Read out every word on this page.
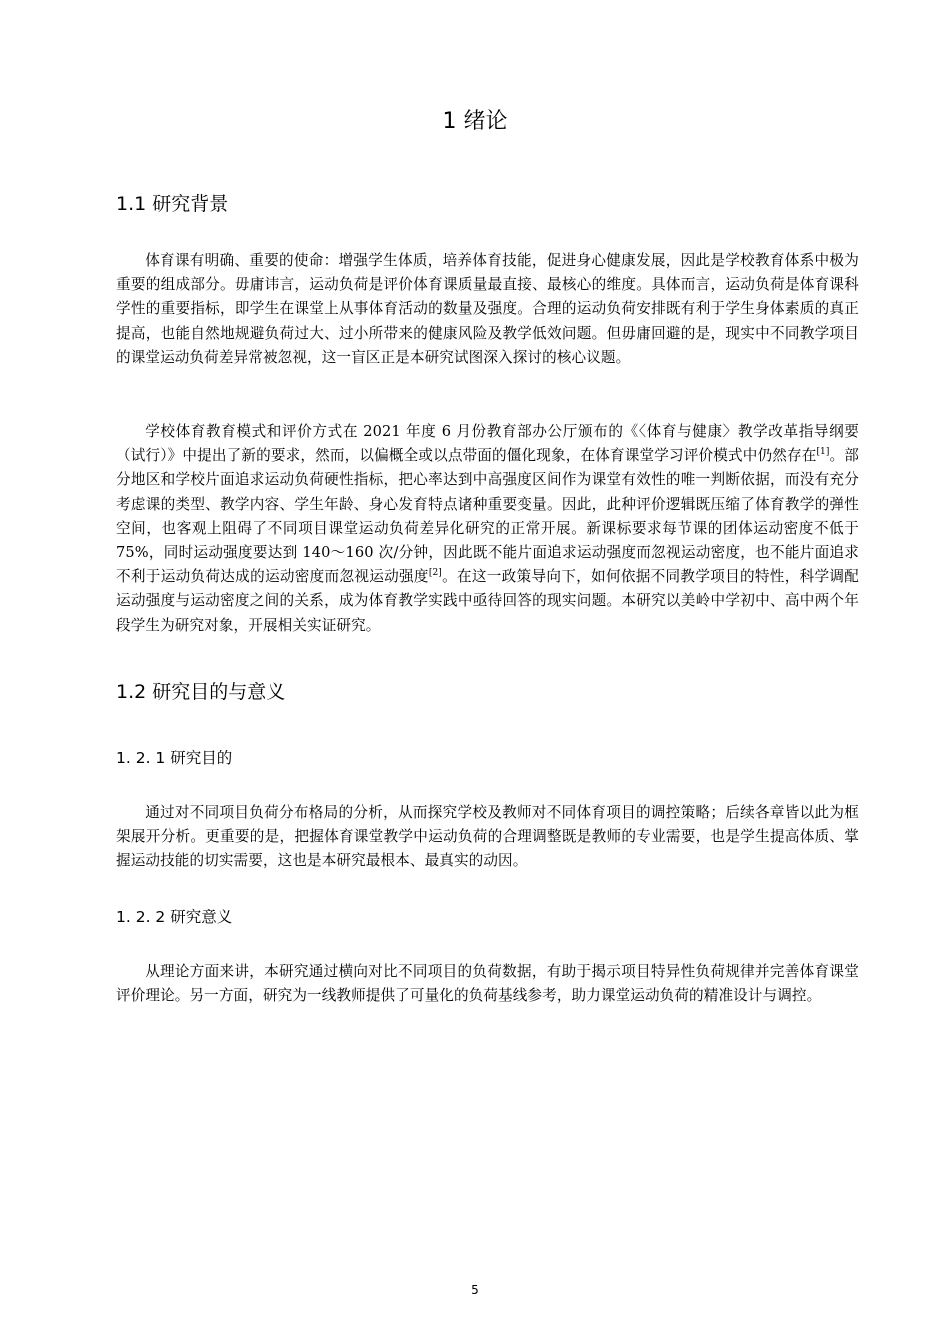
1 绪论
1.1 研究背景

体育课有明确、重要的使命：增强学生体质，培养体育技能，促进身心健康发展，因此是学校教育体系中极为重要的组成部分。毋庸讳言，运动负荷是评价体育课质量最直接、最核心的维度。具体而言，运动负荷是体育课科学性的重要指标，即学生在课堂上从事体育活动的数量及强度。合理的运动负荷安排既有利于学生身体素质的真正提高，也能自然地规避负荷过大、过小所带来的健康风险及教学低效问题。但毋庸回避的是，现实中不同教学项目的课堂运动负荷差异常被忽视，这一盲区正是本研究试图深入探讨的核心议题。

学校体育教育模式和评价方式在 2021 年度 6 月份教育部办公厅颁布的《〈体育与健康〉教学改革指导纲要（试行）》中提出了新的要求，然而，以偏概全或以点带面的僵化现象，在体育课堂学习评价模式中仍然存在[1]。部分地区和学校片面追求运动负荷硬性指标，把心率达到中高强度区间作为课堂有效性的唯一判断依据，而没有充分考虑课的类型、教学内容、学生年龄、身心发育特点诸种重要变量。因此，此种评价逻辑既压缩了体育教学的弹性空间，也客观上阻碍了不同项目课堂运动负荷差异化研究的正常开展。新课标要求每节课的团体运动密度不低于 75%，同时运动强度要达到 140～160 次/分钟，因此既不能片面追求运动强度而忽视运动密度，也不能片面追求不利于运动负荷达成的运动密度而忽视运动强度[2]。在这一政策导向下，如何依据不同教学项目的特性，科学调配运动强度与运动密度之间的关系，成为体育教学实践中亟待回答的现实问题。本研究以美岭中学初中、高中两个年段学生为研究对象，开展相关实证研究。

1.2 研究目的与意义
1. 2. 1 研究目的

通过对不同项目负荷分布格局的分析，从而探究学校及教师对不同体育项目的调控策略；后续各章皆以此为框架展开分析。更重要的是，把握体育课堂教学中运动负荷的合理调整既是教师的专业需要，也是学生提高体质、掌握运动技能的切实需要，这也是本研究最根本、最真实的动因。

1. 2. 2 研究意义

从理论方面来讲，本研究通过横向对比不同项目的负荷数据，有助于揭示项目特异性负荷规律并完善体育课堂评价理论。另一方面，研究为一线教师提供了可量化的负荷基线参考，助力课堂运动负荷的精准设计与调控。

5
